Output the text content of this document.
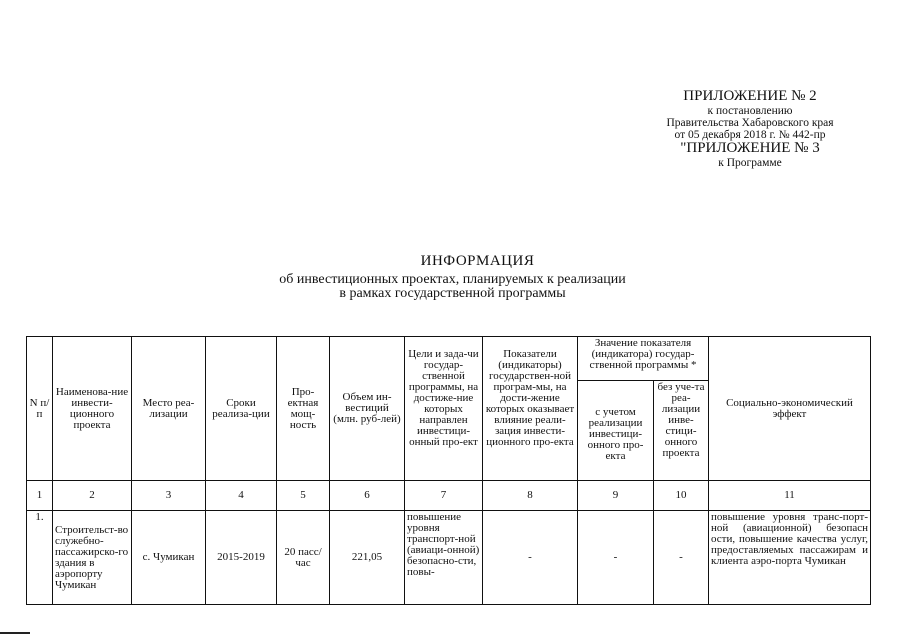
ПРИЛОЖЕНИЕ № 2
к постановлению
Правительства Хабаровского края
от 05 декабря 2018 г. № 442-пр
"ПРИЛОЖЕНИЕ № 3
к Программе
ИНФОРМАЦИЯ
об инвестиционных проектах, планируемых к реализации
в рамках государственной программы
N п/п	Наименова-ние инвести-ционного проекта	Место реа-лизации	Сроки реализа-ции	Про-ектная мощ-ность	Объем ин-вестиций (млн. руб-лей)	Цели и зада-чи государ-ственной программы, на достиже-ние которых направлен инвестици-онный про-ект	Показатели (индикаторы) государствен-ной програм-мы, на дости-жение которых оказывает влияние реали-зация инвести-ционного про-екта	Значение показателя (индикатора) государ-ственной программы *		Социально-экономический эффект
								с учетом реализации инвестици-онного про-екта	без уче-та реа-лизации инве-стици-онного проекта	
1	2	3	4	5	6	7	8	9	10	11
1.	Строительст-во служебно-пассажирско-го здания в аэропорту Чумикан	с. Чумикан	2015-2019	20 пасс/час	221,05	повышение уровня транспорт-ной (авиаци-онной) безопасно-сти, повы-	-	-	-	повышение уровня транс-порт-ной (авиационной) безопасн ости, повышение качества услуг, предоставляемых пассажирам и клиента аэро-порта Чумикан
